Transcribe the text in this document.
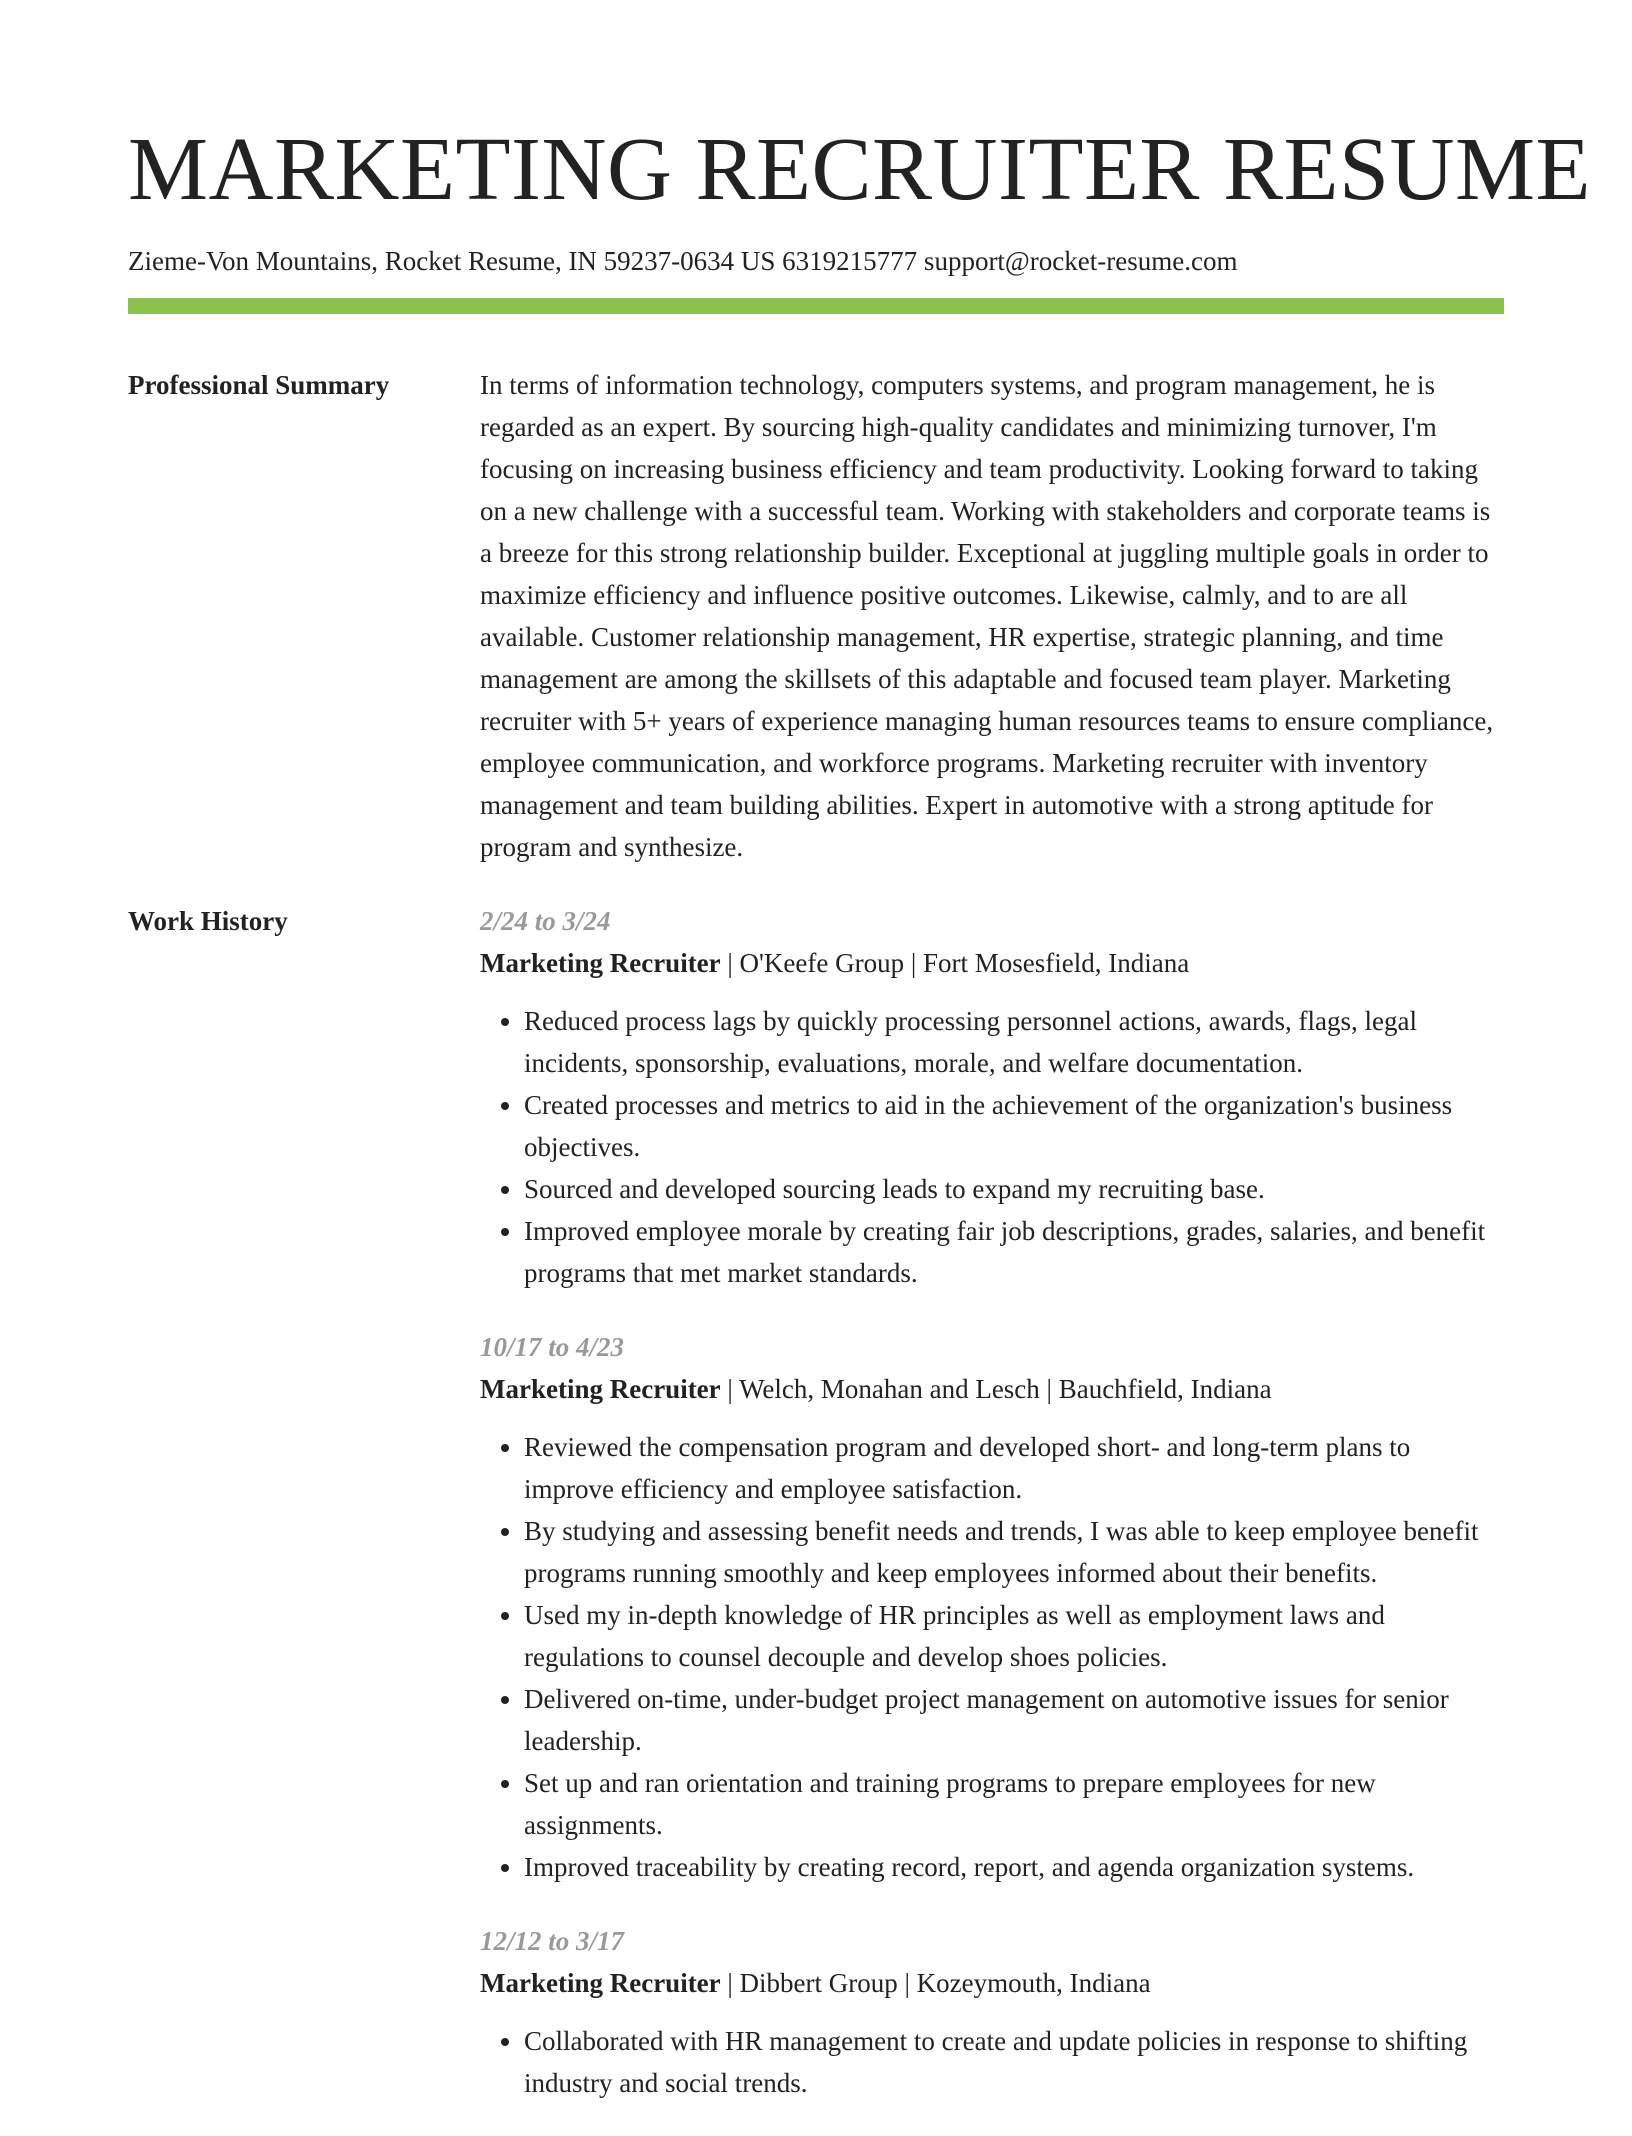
MARKETING RECRUITER RESUME
Zieme-Von Mountains, Rocket Resume, IN 59237-0634 US 6319215777 support@rocket-resume.com
Professional Summary	In terms of information technology, computers systems, and program management, he is regarded as an expert. By sourcing high-quality candidates and minimizing turnover, I'm focusing on increasing business efficiency and team productivity. Looking forward to taking on a new challenge with a successful team. Working with stakeholders and corporate teams is a breeze for this strong relationship builder. Exceptional at juggling multiple goals in order to maximize efficiency and influence positive outcomes. Likewise, calmly, and to are all available. Customer relationship management, HR expertise, strategic planning, and time management are among the skillsets of this adaptable and focused team player. Marketing recruiter with 5+ years of experience managing human resources teams to ensure compliance, employee communication, and workforce programs. Marketing recruiter with inventory management and team building abilities. Expert in automotive with a strong aptitude for program and synthesize.

Work History	2/24 to 3/24
Marketing Recruiter | O'Keefe Group | Fort Mosesfield, Indiana
• Reduced process lags by quickly processing personnel actions, awards, flags, legal incidents, sponsorship, evaluations, morale, and welfare documentation.
• Created processes and metrics to aid in the achievement of the organization's business objectives.
• Sourced and developed sourcing leads to expand my recruiting base.
• Improved employee morale by creating fair job descriptions, grades, salaries, and benefit programs that met market standards.
10/17 to 4/23
Marketing Recruiter | Welch, Monahan and Lesch | Bauchfield, Indiana
• Reviewed the compensation program and developed short- and long-term plans to improve efficiency and employee satisfaction.
• By studying and assessing benefit needs and trends, I was able to keep employee benefit programs running smoothly and keep employees informed about their benefits.
• Used my in-depth knowledge of HR principles as well as employment laws and regulations to counsel decouple and develop shoes policies.
• Delivered on-time, under-budget project management on automotive issues for senior leadership.
• Set up and ran orientation and training programs to prepare employees for new assignments.
• Improved traceability by creating record, report, and agenda organization systems.
12/12 to 3/17
Marketing Recruiter | Dibbert Group | Kozeymouth, Indiana
• Collaborated with HR management to create and update policies in response to shifting industry and social trends.
